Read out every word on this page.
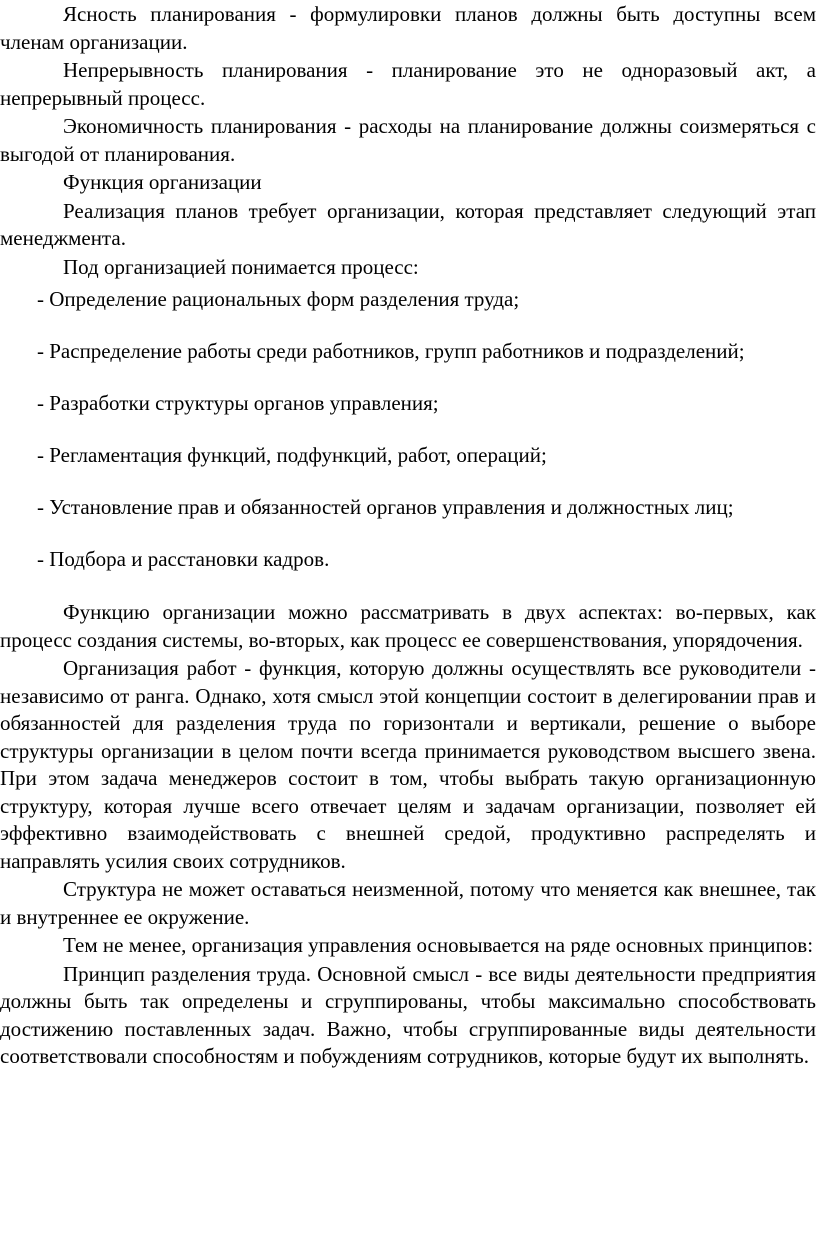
Ясность планирования - формулировки планов должны быть доступны всем членам организации.

Непрерывность планирования - планирование это не одноразовый акт, а непрерывный процесс.

Экономичность планирования - расходы на планирование должны соизмеряться с выгодой от планирования.

Функция организации

Реализация планов требует организации, которая представляет следующий этап менеджмента.

Под организацией понимается процесс:

- Определение рациональных форм разделения труда;

- Распределение работы среди работников, групп работников и подразделений;

- Разработки структуры органов управления;

- Регламентация функций, подфункций, работ, операций;

- Установление прав и обязанностей органов управления и должностных лиц;

- Подбора и расстановки кадров.

Функцию организации можно рассматривать в двух аспектах: во-первых, как процесс создания системы, во-вторых, как процесс ее совершенствования, упорядочения.

Организация работ - функция, которую должны осуществлять все руководители - независимо от ранга. Однако, хотя смысл этой концепции состоит в делегировании прав и обязанностей для разделения труда по горизонтали и вертикали, решение о выборе структуры организации в целом почти всегда принимается руководством высшего звена. При этом задача менеджеров состоит в том, чтобы выбрать такую организационную структуру, которая лучше всего отвечает целям и задачам организации, позволяет ей эффективно взаимодействовать с внешней средой, продуктивно распределять и направлять усилия своих сотрудников.

Структура не может оставаться неизменной, потому что меняется как внешнее, так и внутреннее ее окружение.

Тем не менее, организация управления основывается на ряде основных принципов:

Принцип разделения труда. Основной смысл - все виды деятельности предприятия должны быть так определены и сгруппированы, чтобы максимально способствовать достижению поставленных задач. Важно, чтобы сгруппированные виды деятельности соответствовали способностям и побуждениям сотрудников, которые будут их выполнять.
